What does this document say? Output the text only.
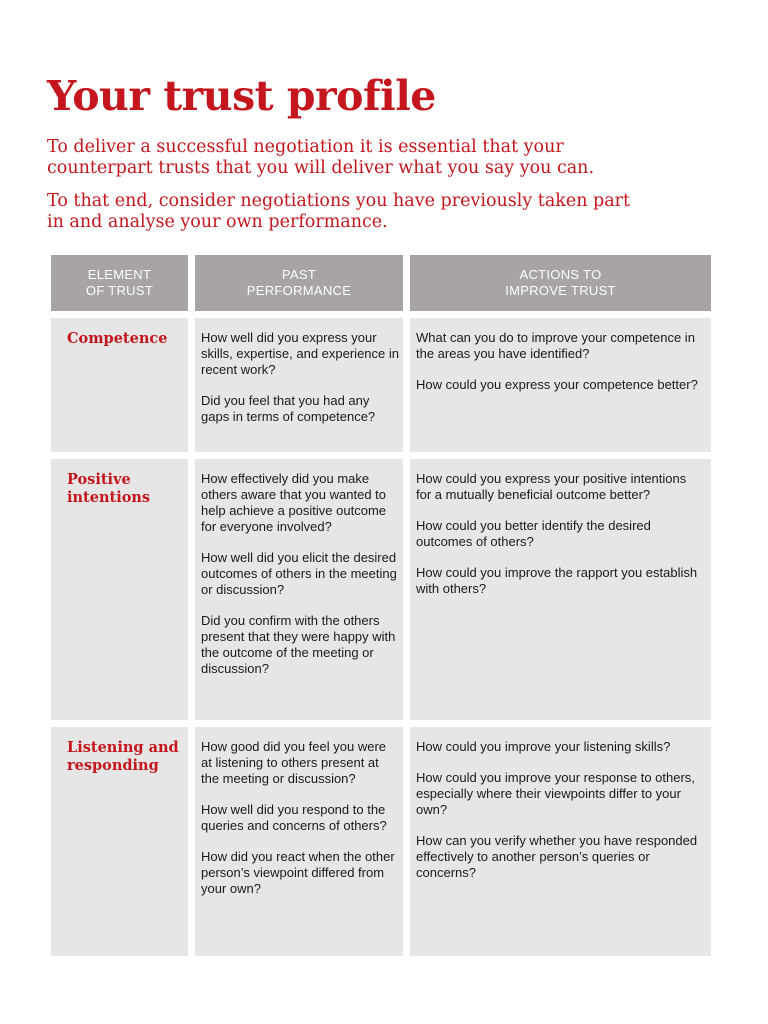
Your trust profile

To deliver a successful negotiation it is essential that your counterpart trusts that you will deliver what you say you can.

To that end, consider negotiations you have previously taken part in and analyse your own performance.

ELEMENT
OF TRUST
PAST
PERFORMANCE
ACTIONS TO
IMPROVE TRUST
Competence	How well did you express your skills, expertise, and experience in recent work?

Did you feel that you had any gaps in terms of competence?

What can you do to improve your competence in the areas you have identified?

How could you express your competence better?

Positive
intentions

How effectively did you make others aware that you wanted to help achieve a positive outcome for everyone involved?

How well did you elicit the desired outcomes of others in the meeting or discussion?

Did you confirm with the others present that they were happy with the outcome of the meeting or discussion?

How could you express your positive intentions for a mutually beneficial outcome better?

How could you better identify the desired outcomes of others?

How could you improve the rapport you establish with others?

Listening and
responding

How good did you feel you were at listening to others present at the meeting or discussion?

How well did you respond to the queries and concerns of others?

How did you react when the other person’s viewpoint differed from your own?

How could you improve your listening skills?

How could you improve your response to others, especially where their viewpoints differ to your own?

How can you verify whether you have responded effectively to another person’s queries or concerns?
